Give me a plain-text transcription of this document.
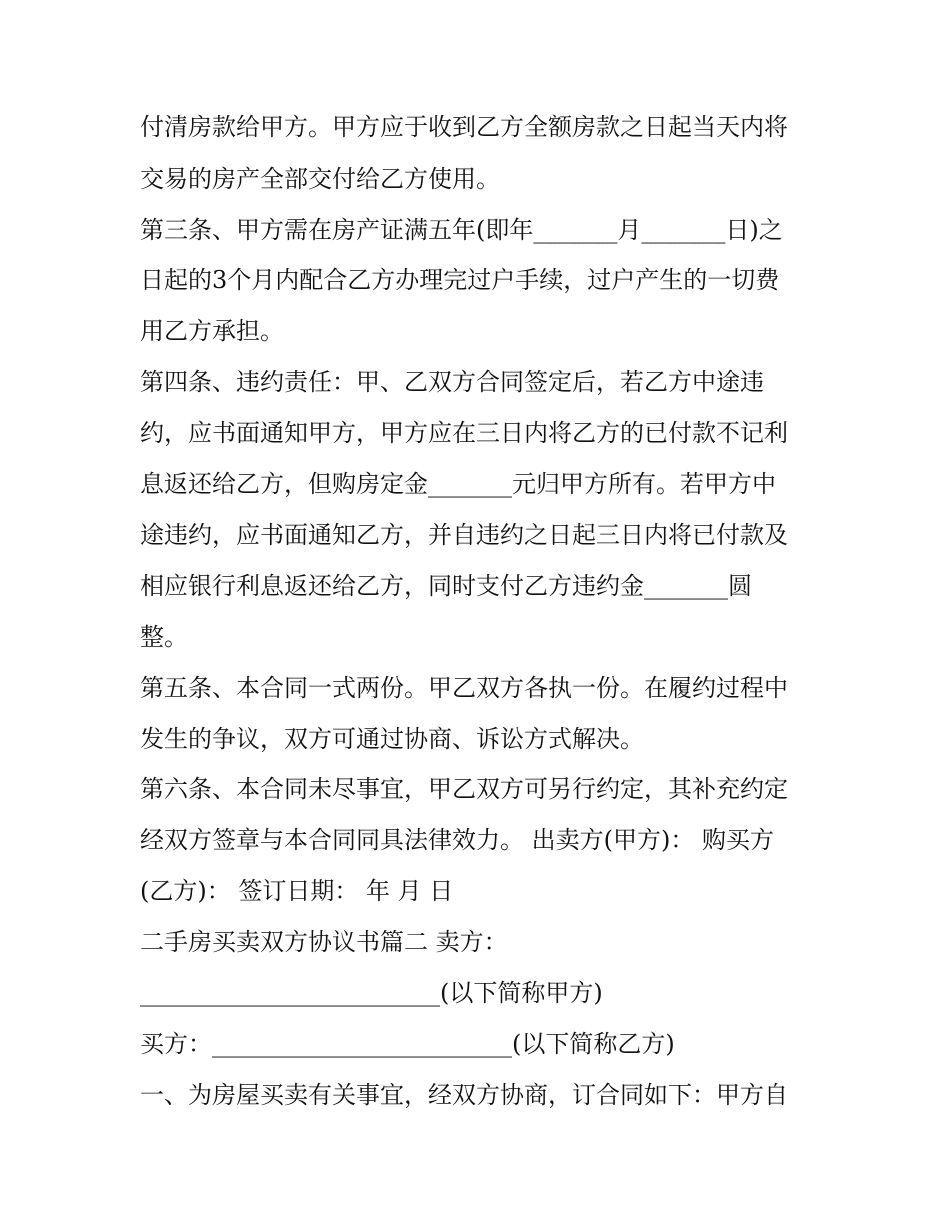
付清房款给甲方。甲方应于收到乙方全额房款之日起当天内将
交易的房产全部交付给乙方使用。
第三条、甲方需在房产证满五年(即年_______月_______日)之
日起的3个月内配合乙方办理完过户手续，过户产生的一切费
用乙方承担。
第四条、违约责任：甲、乙双方合同签定后，若乙方中途违
约，应书面通知甲方，甲方应在三日内将乙方的已付款不记利
息返还给乙方，但购房定金_______元归甲方所有。若甲方中
途违约，应书面通知乙方，并自违约之日起三日内将已付款及
相应银行利息返还给乙方，同时支付乙方违约金_______圆
整。
第五条、本合同一式两份。甲乙双方各执一份。在履约过程中
发生的争议，双方可通过协商、诉讼方式解决。
第六条、本合同未尽事宜，甲乙双方可另行约定，其补充约定
经双方签章与本合同同具法律效力。 出卖方(甲方)： 购买方
(乙方)： 签订日期： 年 月 日
二手房买卖双方协议书篇二 卖方：
_________________________(以下简称甲方)
买方：_________________________(以下简称乙方)
一、为房屋买卖有关事宜，经双方协商，订合同如下：甲方自
